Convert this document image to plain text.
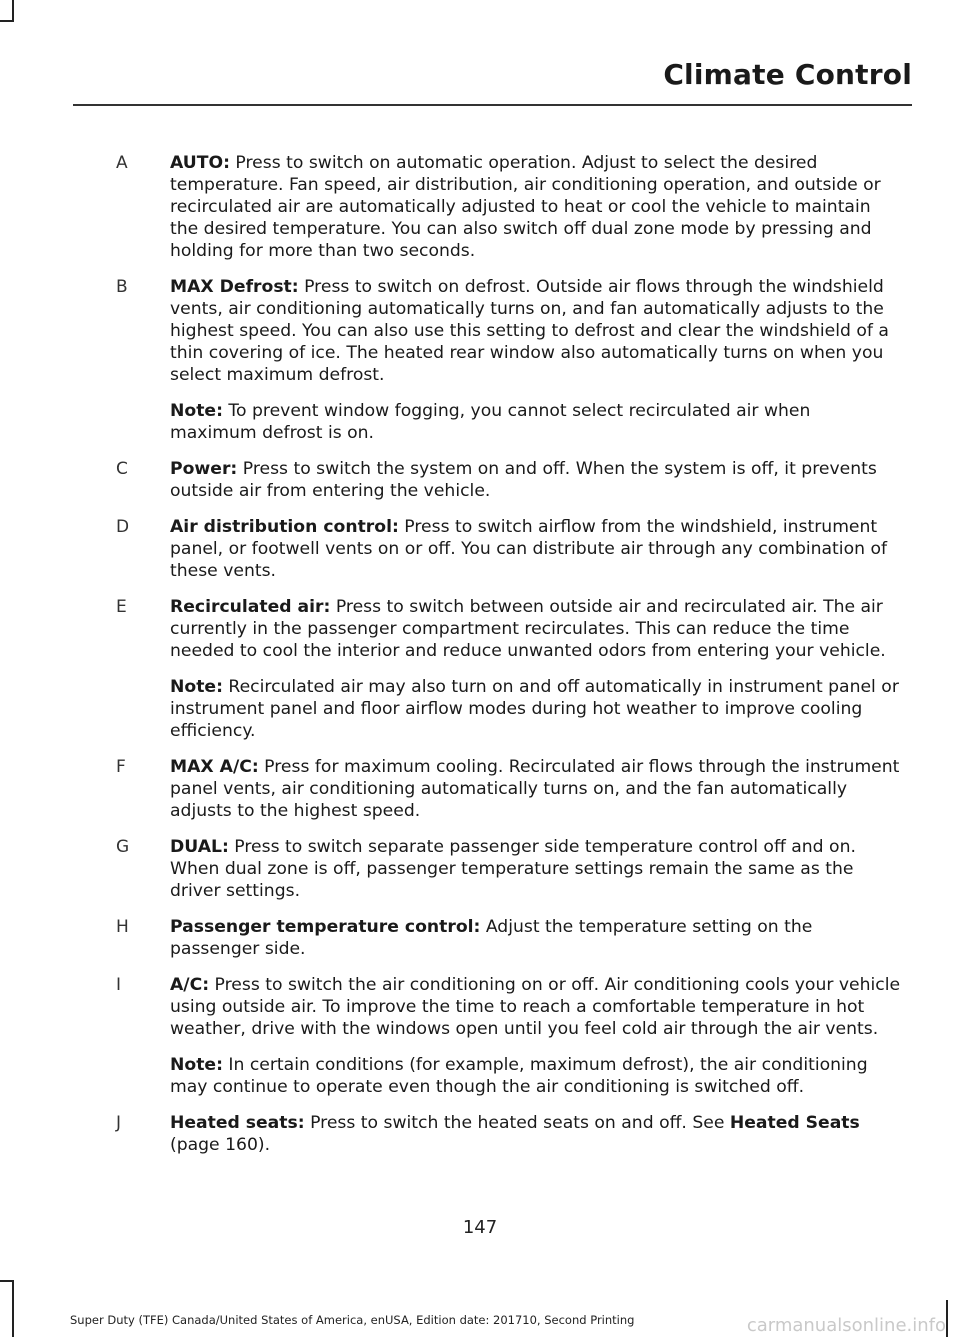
Climate Control
A AUTO: Press to switch on automatic operation. Adjust to select the desired temperature. Fan speed, air distribution, air conditioning operation, and outside or recirculated air are automatically adjusted to heat or cool the vehicle to maintain the desired temperature. You can also switch off dual zone mode by pressing and holding for more than two seconds.

B MAX Defrost: Press to switch on defrost. Outside air flows through the windshield vents, air conditioning automatically turns on, and fan automatically adjusts to the highest speed. You can also use this setting to defrost and clear the windshield of a thin covering of ice. The heated rear window also automatically turns on when you select maximum defrost.

Note: To prevent window fogging, you cannot select recirculated air when maximum defrost is on.

C Power: Press to switch the system on and off. When the system is off, it prevents outside air from entering the vehicle.

D Air distribution control: Press to switch airflow from the windshield, instrument panel, or footwell vents on or off. You can distribute air through any combination of these vents.

E	Recirculated air: Press to switch between outside air and recirculated air. The air currently in the passenger compartment recirculates. This can reduce the time needed to cool the interior and reduce unwanted odors from entering your vehicle.

Note: Recirculated air may also turn on and off automatically in instrument panel or instrument panel and floor airflow modes during hot weather to improve cooling efficiency.

F	MAX A/C: Press for maximum cooling. Recirculated air flows through the instrument panel vents, air conditioning automatically turns on, and the fan automatically adjusts to the highest speed.

G DUAL: Press to switch separate passenger side temperature control off and on. When dual zone is off, passenger temperature settings remain the same as the driver settings.

H Passenger temperature control: Adjust the temperature setting on the passenger side.

I	A/C: Press to switch the air conditioning on or off. Air conditioning cools your vehicle using outside air. To improve the time to reach a comfortable temperature in hot weather, drive with the windows open until you feel cold air through the air vents.

Note: In certain conditions (for example, maximum defrost), the air conditioning may continue to operate even though the air conditioning is switched off.

J	Heated seats: Press to switch the heated seats on and off. See Heated Seats (page 160).

147
Super Duty (TFE) Canada/United States of America, enUSA, Edition date: 201710, Second Printing	carmanualsonline.info
